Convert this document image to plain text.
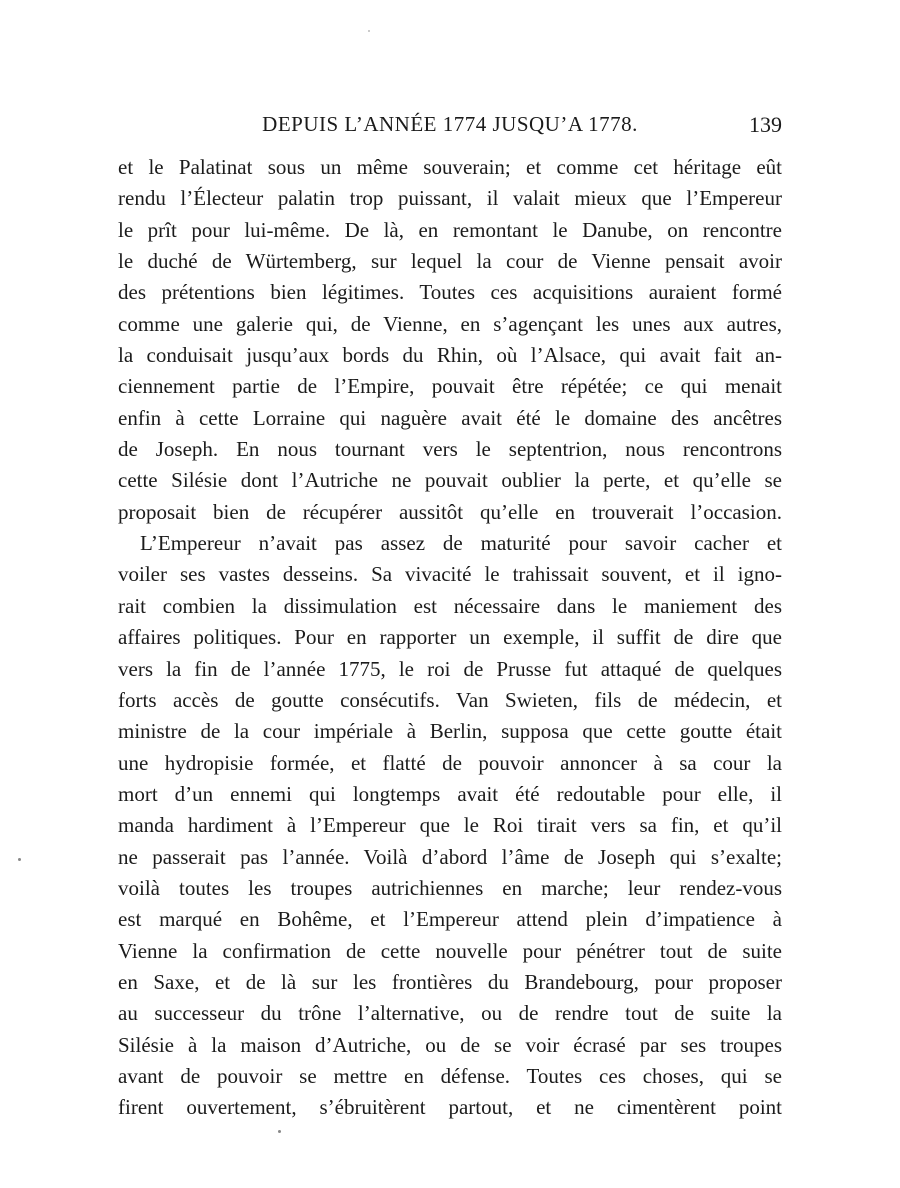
DEPUIS L’ANNÉE 1774 JUSQU’A 1778.	139
et le Palatinat sous un même souverain; et comme cet héritage eût
rendu l’Électeur palatin trop puissant, il valait mieux que l’Empereur
le prît pour lui-même. De là, en remontant le Danube, on rencontre
le duché de Würtemberg, sur lequel la cour de Vienne pensait avoir
des prétentions bien légitimes. Toutes ces acquisitions auraient formé
comme une galerie qui, de Vienne, en s’agençant les unes aux autres,
la conduisait jusqu’aux bords du Rhin, où l’Alsace, qui avait fait an-
ciennement partie de l’Empire, pouvait être répétée; ce qui menait
enfin à cette Lorraine qui naguère avait été le domaine des ancêtres
de Joseph. En nous tournant vers le septentrion, nous rencontrons
cette Silésie dont l’Autriche ne pouvait oublier la perte, et qu’elle se
proposait bien de récupérer aussitôt qu’elle en trouverait l’occasion.
L’Empereur n’avait pas assez de maturité pour savoir cacher et
voiler ses vastes desseins. Sa vivacité le trahissait souvent, et il igno-
rait combien la dissimulation est nécessaire dans le maniement des
affaires politiques. Pour en rapporter un exemple, il suffit de dire que
vers la fin de l’année 1775, le roi de Prusse fut attaqué de quelques
forts accès de goutte consécutifs. Van Swieten, fils de médecin, et
ministre de la cour impériale à Berlin, supposa que cette goutte était
une hydropisie formée, et flatté de pouvoir annoncer à sa cour la
mort d’un ennemi qui longtemps avait été redoutable pour elle, il
manda hardiment à l’Empereur que le Roi tirait vers sa fin, et qu’il
ne passerait pas l’année. Voilà d’abord l’âme de Joseph qui s’exalte;
voilà toutes les troupes autrichiennes en marche; leur rendez-vous
est marqué en Bohême, et l’Empereur attend plein d’impatience à
Vienne la confirmation de cette nouvelle pour pénétrer tout de suite
en Saxe, et de là sur les frontières du Brandebourg, pour proposer
au successeur du trône l’alternative, ou de rendre tout de suite la
Silésie à la maison d’Autriche, ou de se voir écrasé par ses troupes
avant de pouvoir se mettre en défense. Toutes ces choses, qui se
firent ouvertement, s’ébruitèrent partout, et ne cimentèrent point
